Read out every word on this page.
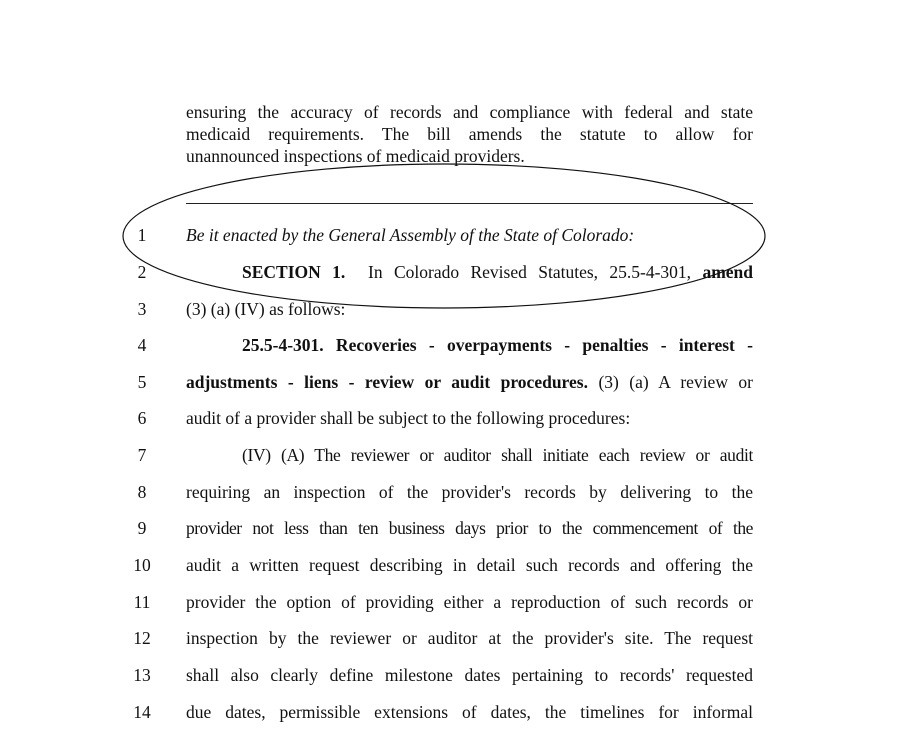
ensuring the accuracy of records and compliance with federal and state
medicaid requirements. The bill amends the statute to allow for
unannounced inspections of medicaid providers.
1	Be it enacted by the General Assembly of the State of Colorado:
2	SECTION 1. In Colorado Revised Statutes, 25.5-4-301, amend
3	(3) (a) (IV) as follows:
4	25.5-4-301. Recoveries - overpayments - penalties - interest -
5	adjustments - liens - review or audit procedures. (3) (a) A review or
6	audit of a provider shall be subject to the following procedures:
7	(IV) (A) The reviewer or auditor shall initiate each review or audit
8	requiring an inspection of the provider's records by delivering to the
9	provider not less than ten business days prior to the commencement of the
10	audit a written request describing in detail such records and offering the
11	provider the option of providing either a reproduction of such records or
12	inspection by the reviewer or auditor at the provider's site. The request
13	shall also clearly define milestone dates pertaining to records' requested
14	due dates, permissible extensions of dates, the timelines for informal
